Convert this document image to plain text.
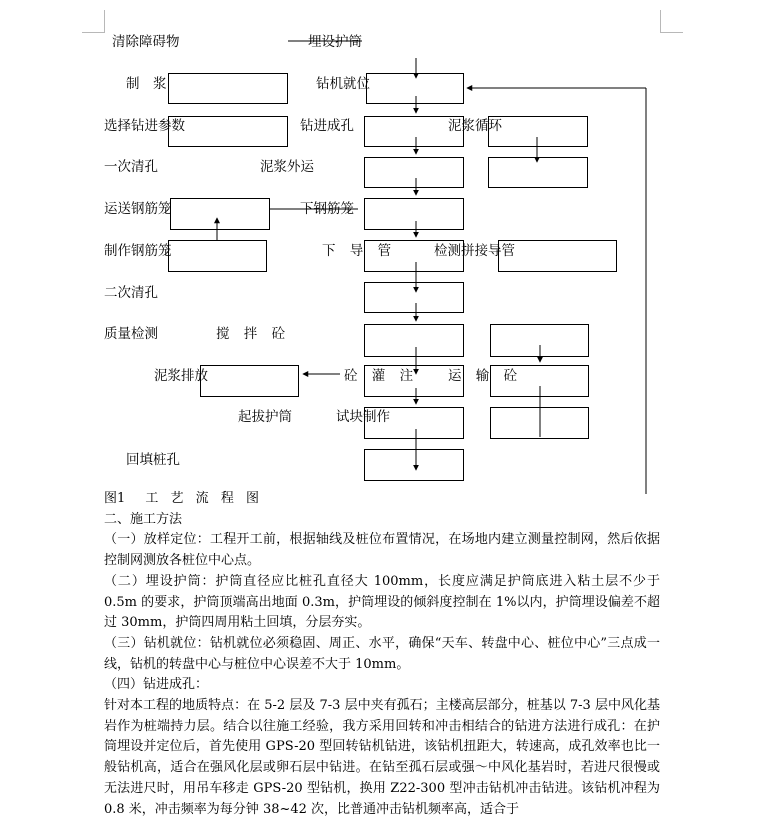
清除障碍物	埋设护筒
制　浆	钻机就位
选择钻进参数	钻进成孔	泥浆循环
一次清孔	泥浆外运
运送钢筋笼	下钢筋笼
制作钢筋笼	下 导 管	检测拼接导管
二次清孔
质量检测	搅 拌 砼
泥浆排放	砼 灌 注 运 输 砼
起拔护筒	试块制作
回填桩孔

图1 工 艺 流 程 图

二、施工方法

（一）放样定位：工程开工前，根据轴线及桩位布置情况，在场地内建立测量控制网，然后依据控制网测放各桩位中心点。

（二）埋设护筒：护筒直径应比桩孔直径大 100mm，长度应满足护筒底进入粘土层不少于 0.5m 的要求，护筒顶端高出地面 0.3m，护筒埋设的倾斜度控制在 1%以内，护筒埋设偏差不超过 30mm，护筒四周用粘土回填，分层夯实。

（三）钻机就位：钻机就位必须稳固、周正、水平，确保“天车、转盘中心、桩位中心”三点成一线，钻机的转盘中心与桩位中心误差不大于 10mm。

（四）钻进成孔：

针对本工程的地质特点：在 5-2 层及 7-3 层中夹有孤石；主楼高层部分，桩基以 7-3 层中风化基岩作为桩端持力层。结合以往施工经验，我方采用回转和冲击相结合的钻进方法进行成孔：在护筒埋设并定位后，首先使用 GPS-20 型回转钻机钻进，该钻机扭距大，转速高，成孔效率也比一般钻机高，适合在强风化层或卵石层中钻进。在钻至孤石层或强～中风化基岩时，若进尺很慢或无法进尺时，用吊车移走 GPS-20 型钻机，换用 Z22-300 型冲击钻机冲击钻进。该钻机冲程为 0.8 米，冲击频率为每分钟 38~42 次，比普通冲击钻机频率高，适合于
